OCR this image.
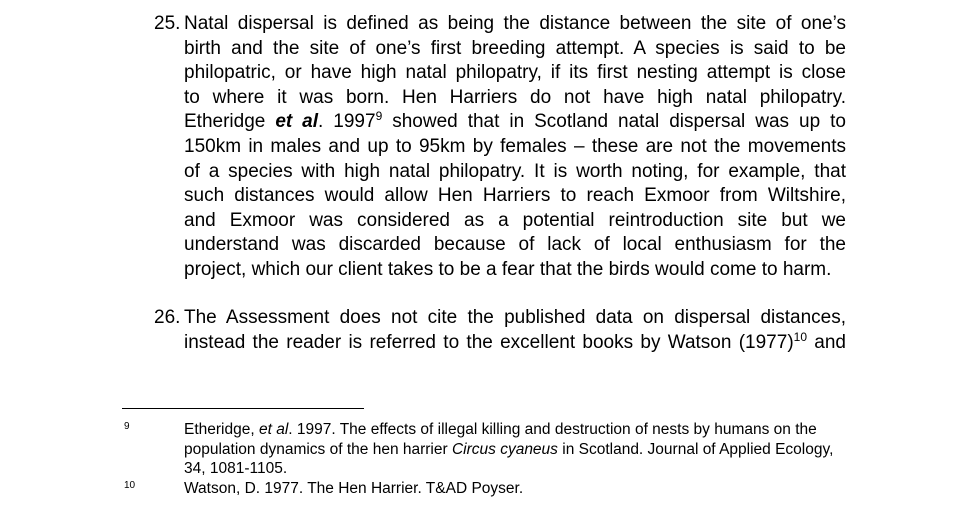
25. Natal dispersal is defined as being the distance between the site of one’s
birth and the site of one’s first breeding attempt. A species is said to be
philopatric, or have high natal philopatry, if its first nesting attempt is close
to where it was born. Hen Harriers do not have high natal philopatry.
Etheridge et al. 1997$^9$ showed that in Scotland natal dispersal was up to
150km in males and up to 95km by females – these are not the movements
of a species with high natal philopatry. It is worth noting, for example, that
such distances would allow Hen Harriers to reach Exmoor from Wiltshire,
and Exmoor was considered as a potential reintroduction site but we
understand was discarded because of lack of local enthusiasm for the
project, which our client takes to be a fear that the birds would come to harm.
26. The Assessment does not cite the published data on dispersal distances,
instead the reader is referred to the excellent books by Watson $(1977)^{10}$ and
9	Etheridge, et al. 1997. The effects of illegal killing and destruction of nests by humans on the population dynamics of the hen harrier Circus cyaneus in Scotland. Journal of Applied Ecology, 34, 1081-1105.
10	Watson, D. 1977. The Hen Harrier. T&AD Poyser.
